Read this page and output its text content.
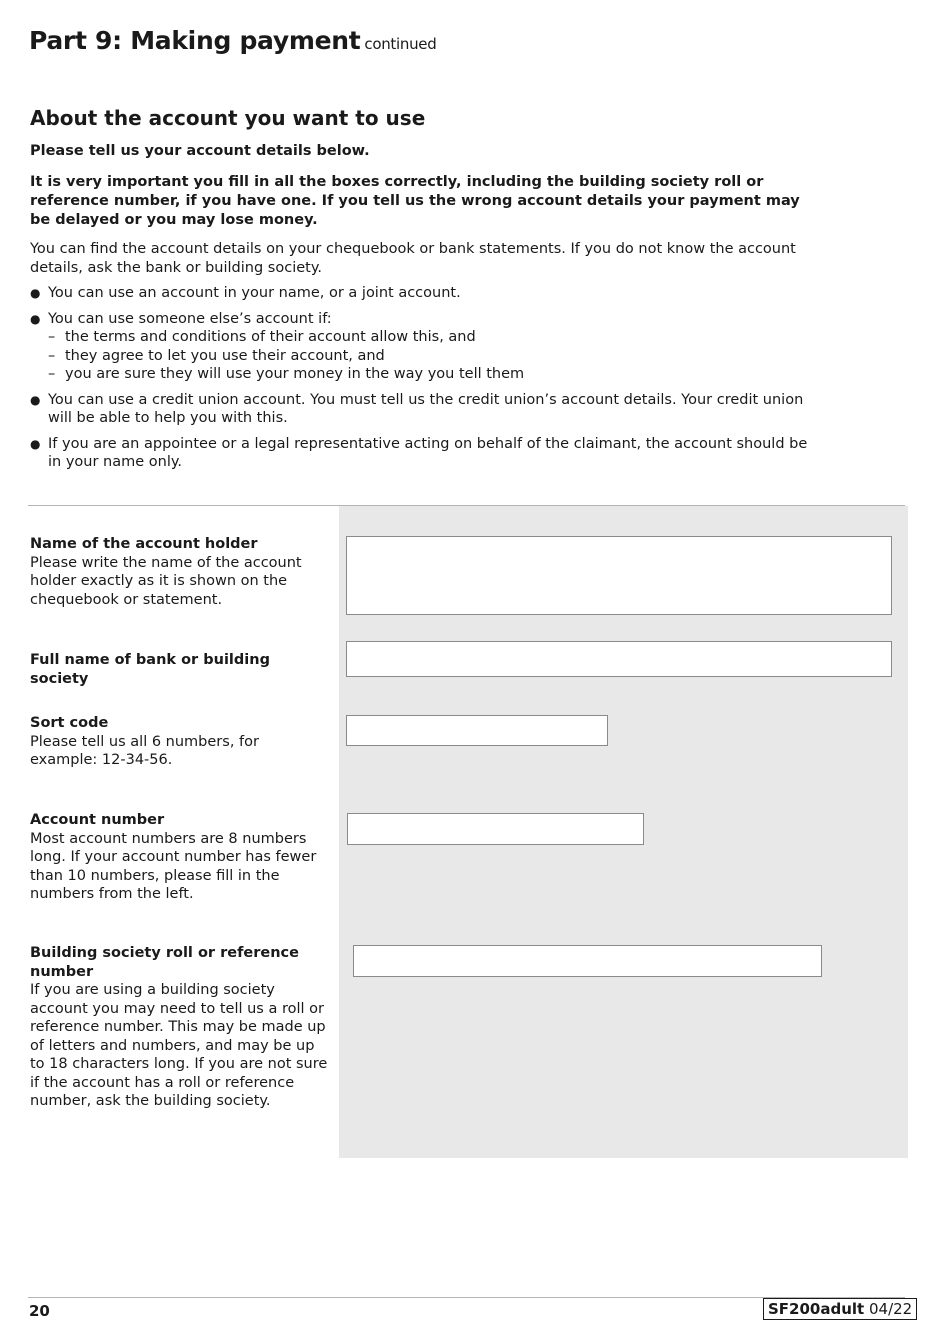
Part 9: Making payment continued
About the account you want to use
Please tell us your account details below.
It is very important you fill in all the boxes correctly, including the building society roll or reference number, if you have one. If you tell us the wrong account details your payment may be delayed or you may lose money.
You can find the account details on your chequebook or bank statements. If you do not know the account details, ask the bank or building society.
● You can use an account in your name, or a joint account.
● You can use someone else’s account if:
– the terms and conditions of their account allow this, and
– they agree to let you use their account, and
– you are sure they will use your money in the way you tell them
● You can use a credit union account. You must tell us the credit union’s account details. Your credit union will be able to help you with this.
● If you are an appointee or a legal representative acting on behalf of the claimant, the account should be in your name only.
Name of the account holder
Please write the name of the account holder exactly as it is shown on the chequebook or statement.
Full name of bank or building society
Sort code
Please tell us all 6 numbers, for example: 12-34-56.
Account number
Most account numbers are 8 numbers long. If your account number has fewer than 10 numbers, please fill in the numbers from the left.
Building society roll or reference number
If you are using a building society account you may need to tell us a roll or reference number. This may be made up of letters and numbers, and may be up to 18 characters long. If you are not sure if the account has a roll or reference number, ask the building society.
20	SF200adult 04/22
